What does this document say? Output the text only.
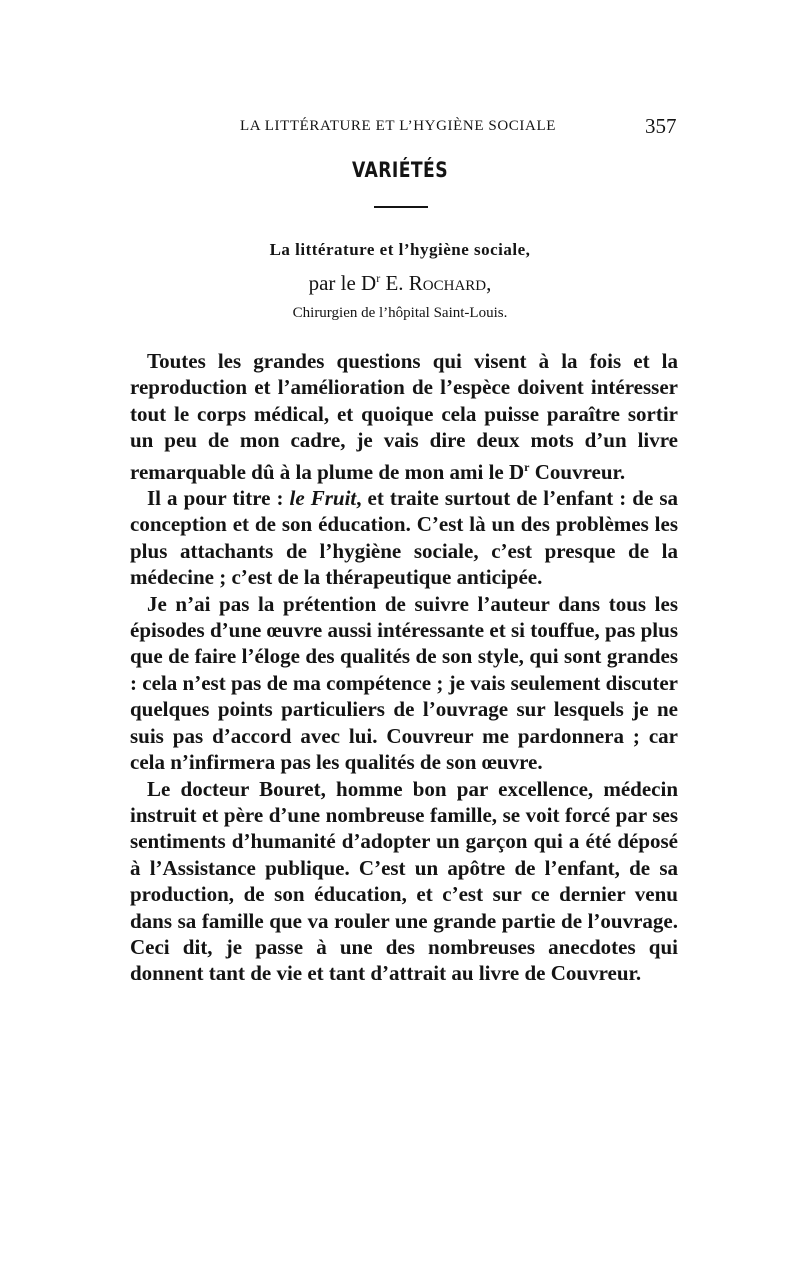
LA LITTÉRATURE ET L’HYGIÈNE SOCIALE	357
VARIÉTÉS
La littérature et l’hygiène sociale,
par le $D^r$ E. Rochard,
Chirurgien de l’hôpital Saint-Louis.

Toutes les grandes questions qui visent à la fois et la reproduction et l’amélioration de l’espèce doivent intéresser tout le corps médical, et quoique cela puisse paraître sortir un peu de mon cadre, je vais dire deux mots d’un livre remarquable dû à la plume de mon ami le $D^r$ Couvreur.

Il a pour titre : le Fruit, et traite surtout de l’enfant : de sa conception et de son éducation. C’est là un des problèmes les plus attachants de l’hygiène sociale, c’est presque de la médecine ; c’est de la thérapeutique anticipée.

Je n’ai pas la prétention de suivre l’auteur dans tous les épisodes d’une œuvre aussi intéressante et si touffue, pas plus que de faire l’éloge des qualités de son style, qui sont grandes : cela n’est pas de ma compétence ; je vais seulement discuter quelques points particuliers de l’ouvrage sur lesquels je ne suis pas d’accord avec lui. Couvreur me pardonnera ; car cela n’infirmera pas les qualités de son œuvre.

Le docteur Bouret, homme bon par excellence, médecin instruit et père d’une nombreuse famille, se voit forcé par ses sentiments d’humanité d’adopter un garçon qui a été déposé à l’Assistance publique. C’est un apôtre de l’enfant, de sa production, de son éducation, et c’est sur ce dernier venu dans sa famille que va rouler une grande partie de l’ouvrage. Ceci dit, je passe à une des nombreuses anecdotes qui donnent tant de vie et tant d’attrait au livre de Couvreur.
